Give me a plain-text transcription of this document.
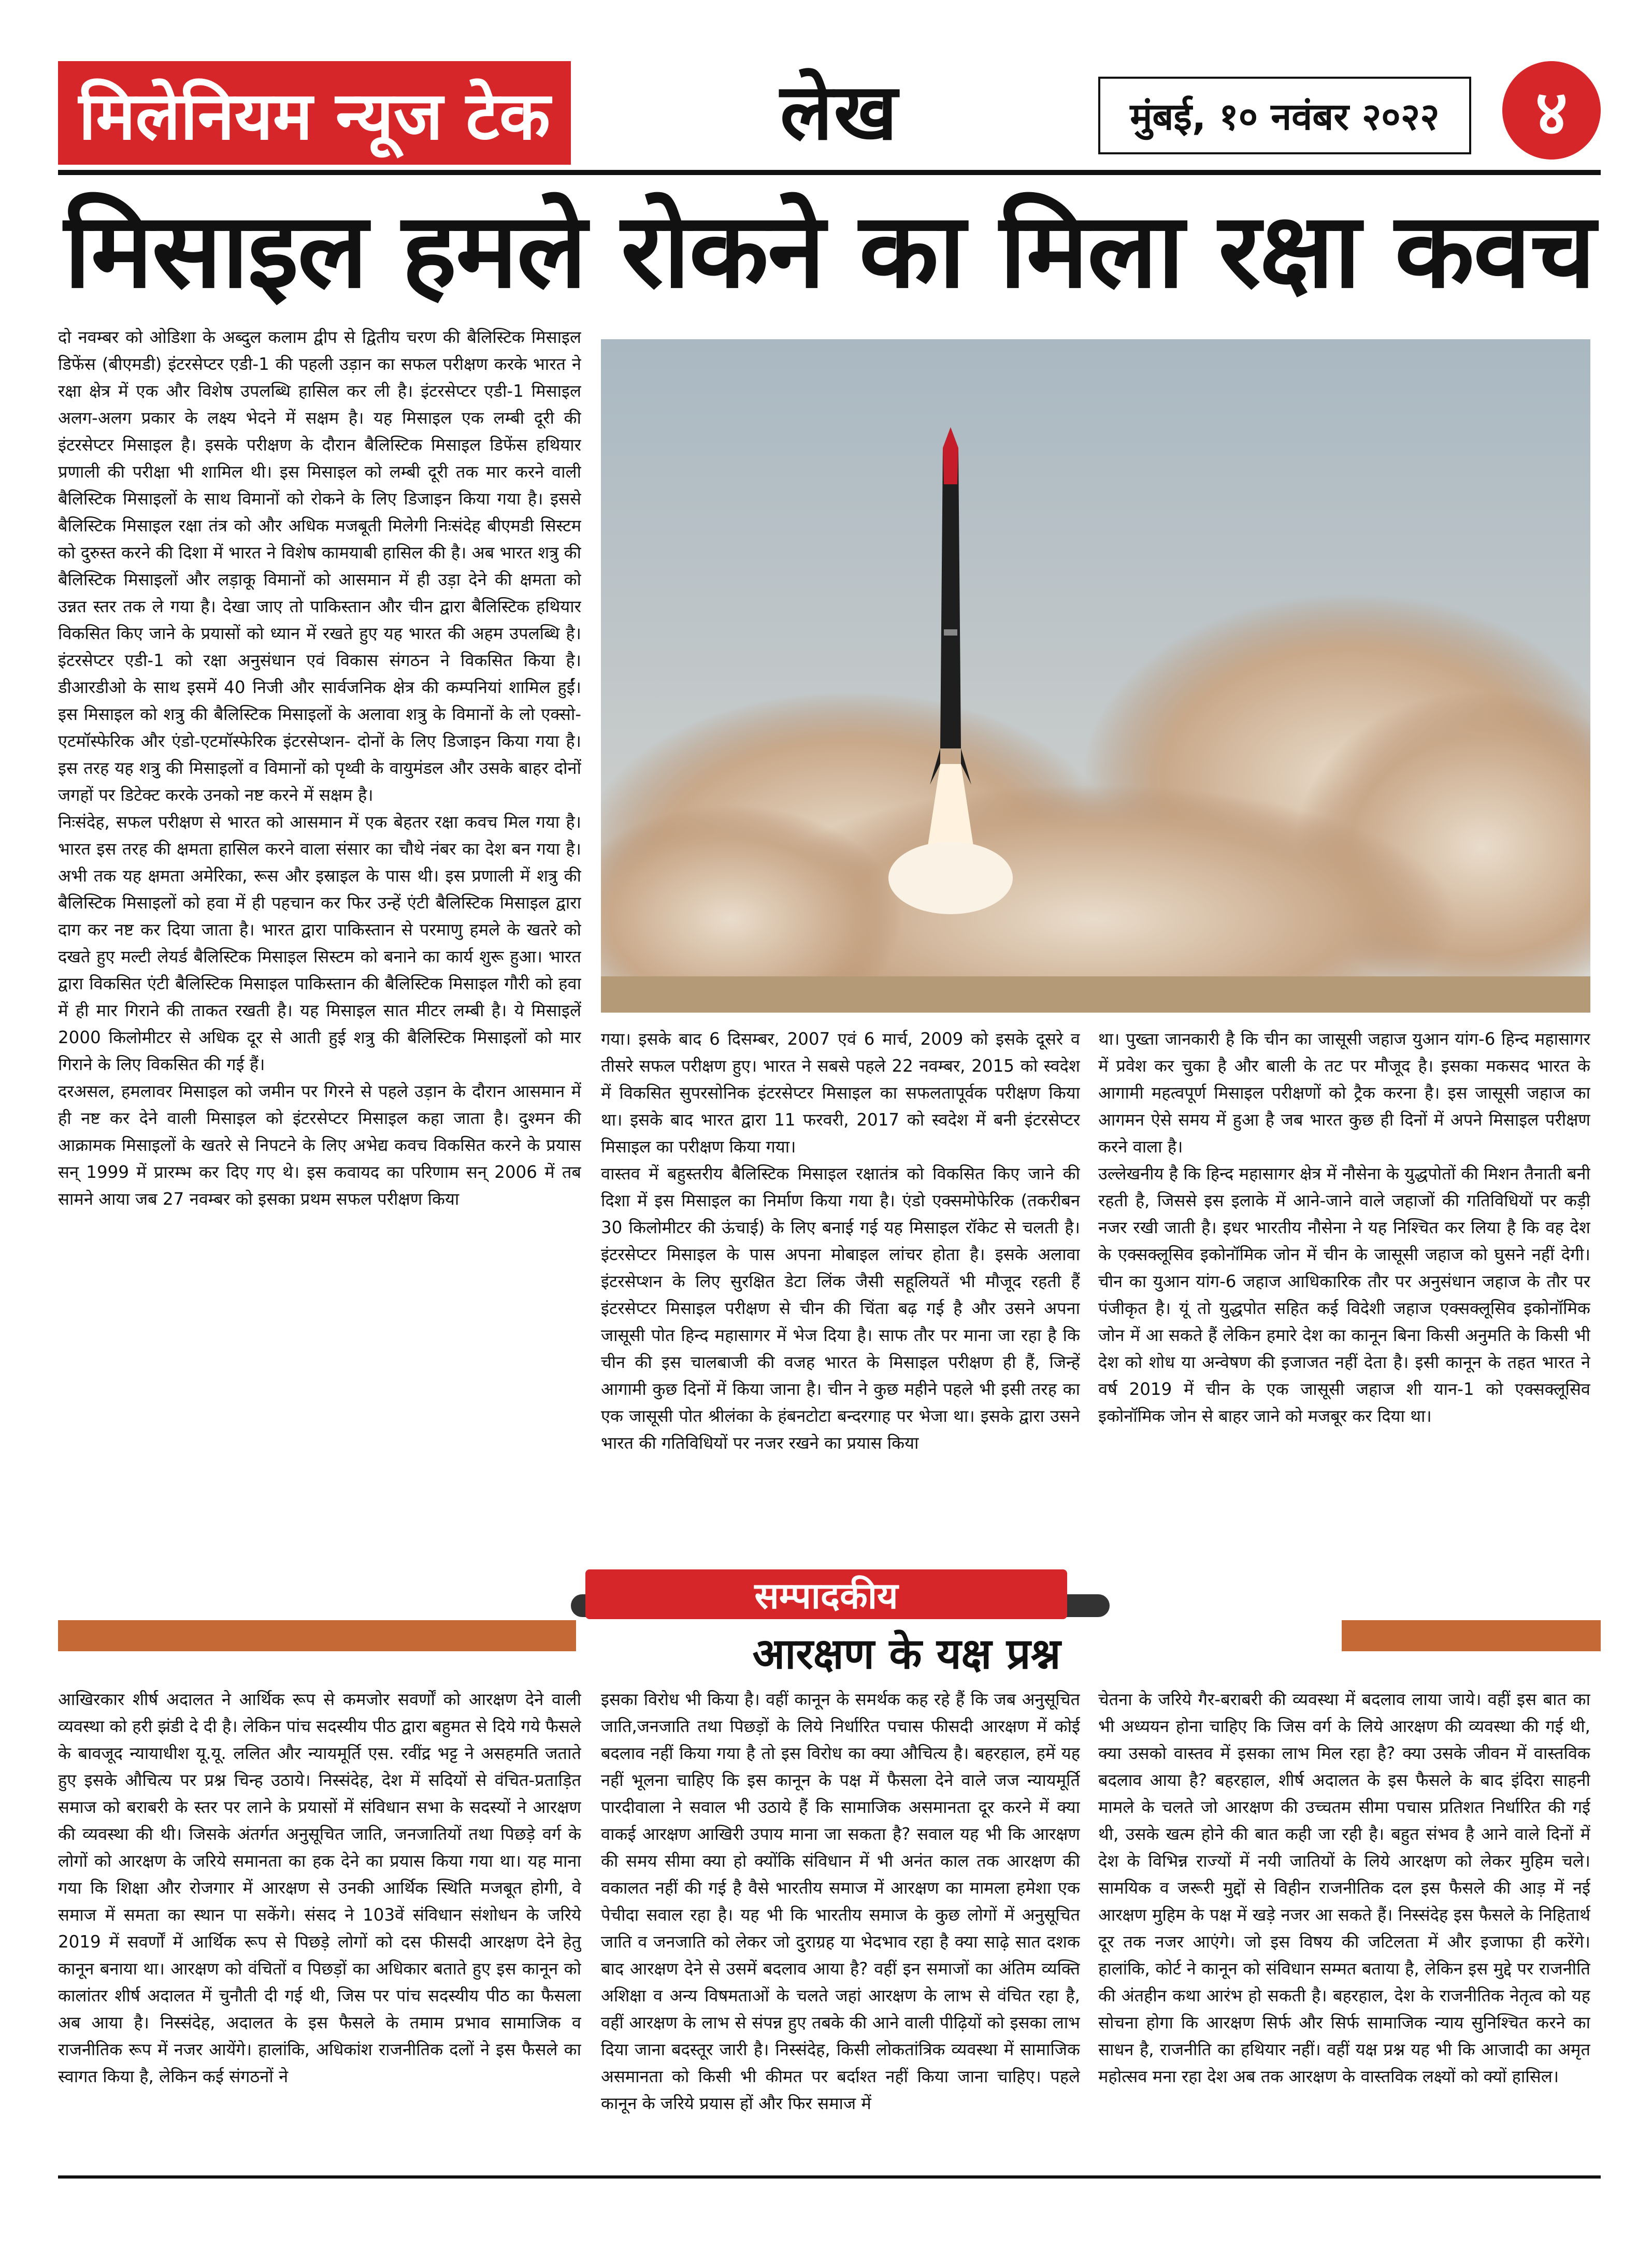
मिलेनियम न्यूज टेक	लेख	मुंबई, १० नवंबर २०२२	४
मिसाइल हमले रोकने का मिला रक्षा कवच

दो नवम्बर को ओडिशा के अब्दुल कलाम द्वीप से द्वितीय चरण की बैलिस्टिक मिसाइल डिफेंस (बीएमडी) इंटरसेप्टर एडी-1 की पहली उड़ान का सफल परीक्षण करके भारत ने रक्षा क्षेत्र में एक और विशेष उपलब्धि हासिल कर ली है। इंटरसेप्टर एडी-1 मिसाइल अलग-अलग प्रकार के लक्ष्य भेदने में सक्षम है। यह मिसाइल एक लम्बी दूरी की इंटरसेप्टर मिसाइल है। इसके परीक्षण के दौरान बैलिस्टिक मिसाइल डिफेंस हथियार प्रणाली की परीक्षा भी शामिल थी। इस मिसाइल को लम्बी दूरी तक मार करने वाली बैलिस्टिक मिसाइलों के साथ विमानों को रोकने के लिए डिजाइन किया गया है। इससे बैलिस्टिक मिसाइल रक्षा तंत्र को और अधिक मजबूती मिलेगी निःसंदेह बीएमडी सिस्टम को दुरुस्त करने की दिशा में भारत ने विशेष कामयाबी हासिल की है। अब भारत शत्रु की बैलिस्टिक मिसाइलों और लड़ाकू विमानों को आसमान में ही उड़ा देने की क्षमता को उन्नत स्तर तक ले गया है। देखा जाए तो पाकिस्तान और चीन द्वारा बैलिस्टिक हथियार विकसित किए जाने के प्रयासों को ध्यान में रखते हुए यह भारत की अहम उपलब्धि है। इंटरसेप्टर एडी-1 को रक्षा अनुसंधान एवं विकास संगठन ने विकसित किया है। डीआरडीओ के साथ इसमें 40 निजी और सार्वजनिक क्षेत्र की कम्पनियां शामिल हुईं। इस मिसाइल को शत्रु की बैलिस्टिक मिसाइलों के अलावा शत्रु के विमानों के लो एक्सो-एटमॉस्फेरिक और एंडो-एटमॉस्फेरिक इंटरसेप्शन- दोनों के लिए डिजाइन किया गया है। इस तरह यह शत्रु की मिसाइलों व विमानों को पृथ्वी के वायुमंडल और उसके बाहर दोनों जगहों पर डिटेक्ट करके उनको नष्ट करने में सक्षम है।

निःसंदेह, सफल परीक्षण से भारत को आसमान में एक बेहतर रक्षा कवच मिल गया है। भारत इस तरह की क्षमता हासिल करने वाला संसार का चौथे नंबर का देश बन गया है। अभी तक यह क्षमता अमेरिका, रूस और इस्राइल के पास थी। इस प्रणाली में शत्रु की बैलिस्टिक मिसाइलों को हवा में ही पहचान कर फिर उन्हें एंटी बैलिस्टिक मिसाइल द्वारा दाग कर नष्ट कर दिया जाता है। भारत द्वारा पाकिस्तान से परमाणु हमले के खतरे को दखते हुए मल्टी लेयर्ड बैलिस्टिक मिसाइल सिस्टम को बनाने का कार्य शुरू हुआ। भारत द्वारा विकसित एंटी बैलिस्टिक मिसाइल पाकिस्तान की बैलिस्टिक मिसाइल गौरी को हवा में ही मार गिराने की ताकत रखती है। यह मिसाइल सात मीटर लम्बी है। ये मिसाइलें 2000 किलोमीटर से अधिक दूर से आती हुई शत्रु की बैलिस्टिक मिसाइलों को मार गिराने के लिए विकसित की गई हैं।

दरअसल, हमलावर मिसाइल को जमीन पर गिरने से पहले उड़ान के दौरान आसमान में ही नष्ट कर देने वाली मिसाइल को इंटरसेप्टर मिसाइल कहा जाता है। दुश्मन की आक्रामक मिसाइलों के खतरे से निपटने के लिए अभेद्य कवच विकसित करने के प्रयास सन् 1999 में प्रारम्भ कर दिए गए थे। इस कवायद का परिणाम सन् 2006 में तब सामने आया जब 27 नवम्बर को इसका प्रथम सफल परीक्षण किया

गया। इसके बाद 6 दिसम्बर, 2007 एवं 6 मार्च, 2009 को इसके दूसरे व तीसरे सफल परीक्षण हुए। भारत ने सबसे पहले 22 नवम्बर, 2015 को स्वदेश में विकसित सुपरसोनिक इंटरसेप्टर मिसाइल का सफलतापूर्वक परीक्षण किया था। इसके बाद भारत द्वारा 11 फरवरी, 2017 को स्वदेश में बनी इंटरसेप्टर मिसाइल का परीक्षण किया गया।

वास्तव में बहुस्तरीय बैलिस्टिक मिसाइल रक्षातंत्र को विकसित किए जाने की दिशा में इस मिसाइल का निर्माण किया गया है। एंडो एक्समोफेरिक (तकरीबन 30 किलोमीटर की ऊंचाई) के लिए बनाई गई यह मिसाइल रॉकेट से चलती है। इंटरसेप्टर मिसाइल के पास अपना मोबाइल लांचर होता है। इसके अलावा इंटरसेप्शन के लिए सुरक्षित डेटा लिंक जैसी सहूलियतें भी मौजूद रहती हैं इंटरसेप्टर मिसाइल परीक्षण से चीन की चिंता बढ़ गई है और उसने अपना जासूसी पोत हिन्द महासागर में भेज दिया है। साफ तौर पर माना जा रहा है कि चीन की इस चालबाजी की वजह भारत के मिसाइल परीक्षण ही हैं, जिन्हें आगामी कुछ दिनों में किया जाना है। चीन ने कुछ महीने पहले भी इसी तरह का एक जासूसी पोत श्रीलंका के हंबनटोटा बन्दरगाह पर भेजा था। इसके द्वारा उसने भारत की गतिविधियों पर नजर रखने का प्रयास किया

था। पुख्ता जानकारी है कि चीन का जासूसी जहाज युआन यांग-6 हिन्द महासागर में प्रवेश कर चुका है और बाली के तट पर मौजूद है। इसका मकसद भारत के आगामी महत्वपूर्ण मिसाइल परीक्षणों को ट्रैक करना है। इस जासूसी जहाज का आगमन ऐसे समय में हुआ है जब भारत कुछ ही दिनों में अपने मिसाइल परीक्षण करने वाला है।

उल्लेखनीय है कि हिन्द महासागर क्षेत्र में नौसेना के युद्धपोतों की मिशन तैनाती बनी रहती है, जिससे इस इलाके में आने-जाने वाले जहाजों की गतिविधियों पर कड़ी नजर रखी जाती है। इधर भारतीय नौसेना ने यह निश्चित कर लिया है कि वह देश के एक्सक्लूसिव इकोनॉमिक जोन में चीन के जासूसी जहाज को घुसने नहीं देगी। चीन का युआन यांग-6 जहाज आधिकारिक तौर पर अनुसंधान जहाज के तौर पर पंजीकृत है। यूं तो युद्धपोत सहित कई विदेशी जहाज एक्सक्लूसिव इकोनॉमिक जोन में आ सकते हैं लेकिन हमारे देश का कानून बिना किसी अनुमति के किसी भी देश को शोध या अन्वेषण की इजाजत नहीं देता है। इसी कानून के तहत भारत ने वर्ष 2019 में चीन के एक जासूसी जहाज शी यान-1 को एक्सक्लूसिव इकोनॉमिक जोन से बाहर जाने को मजबूर कर दिया था।

सम्पादकीय
आरक्षण के यक्ष प्रश्न

आखिरकार शीर्ष अदालत ने आर्थिक रूप से कमजोर सवर्णों को आरक्षण देने वाली व्यवस्था को हरी झंडी दे दी है। लेकिन पांच सदस्यीय पीठ द्वारा बहुमत से दिये गये फैसले के बावजूद न्यायाधीश यू.यू. ललित और न्यायमूर्ति एस. रवींद्र भट्ट ने असहमति जताते हुए इसके औचित्य पर प्रश्न चिन्ह उठाये। निस्संदेह, देश में सदियों से वंचित-प्रताड़ित समाज को बराबरी के स्तर पर लाने के प्रयासों में संविधान सभा के सदस्यों ने आरक्षण की व्यवस्था की थी। जिसके अंतर्गत अनुसूचित जाति, जनजातियों तथा पिछड़े वर्ग के लोगों को आरक्षण के जरिये समानता का हक देने का प्रयास किया गया था। यह माना गया कि शिक्षा और रोजगार में आरक्षण से उनकी आर्थिक स्थिति मजबूत होगी, वे समाज में समता का स्थान पा सकेंगे। संसद ने 103वें संविधान संशोधन के जरिये 2019 में सवर्णों में आर्थिक रूप से पिछड़े लोगों को दस फीसदी आरक्षण देने हेतु कानून बनाया था। आरक्षण को वंचितों व पिछड़ों का अधिकार बताते हुए इस कानून को कालांतर शीर्ष अदालत में चुनौती दी गई थी, जिस पर पांच सदस्यीय पीठ का फैसला अब आया है। निस्संदेह, अदालत के इस फैसले के तमाम प्रभाव सामाजिक व राजनीतिक रूप में नजर आयेंगे। हालांकि, अधिकांश राजनीतिक दलों ने इस फैसले का स्वागत किया है, लेकिन कई संगठनों ने

इसका विरोध भी किया है। वहीं कानून के समर्थक कह रहे हैं कि जब अनुसूचित जाति,जनजाति तथा पिछड़ों के लिये निर्धारित पचास फीसदी आरक्षण में कोई बदलाव नहीं किया गया है तो इस विरोध का क्या औचित्य है। बहरहाल, हमें यह नहीं भूलना चाहिए कि इस कानून के पक्ष में फैसला देने वाले जज न्यायमूर्ति पारदीवाला ने सवाल भी उठाये हैं कि सामाजिक असमानता दूर करने में क्या वाकई आरक्षण आखिरी उपाय माना जा सकता है? सवाल यह भी कि आरक्षण की समय सीमा क्या हो क्योंकि संविधान में भी अनंत काल तक आरक्षण की वकालत नहीं की गई है वैसे भारतीय समाज में आरक्षण का मामला हमेशा एक पेचीदा सवाल रहा है। यह भी कि भारतीय समाज के कुछ लोगों में अनुसूचित जाति व जनजाति को लेकर जो दुराग्रह या भेदभाव रहा है क्या साढ़े सात दशक बाद आरक्षण देने से उसमें बदलाव आया है? वहीं इन समाजों का अंतिम व्यक्ति अशिक्षा व अन्य विषमताओं के चलते जहां आरक्षण के लाभ से वंचित रहा है, वहीं आरक्षण के लाभ से संपन्न हुए तबके की आने वाली पीढ़ियों को इसका लाभ दिया जाना बदस्तूर जारी है। निस्संदेह, किसी लोकतांत्रिक व्यवस्था में सामाजिक असमानता को किसी भी कीमत पर बर्दाश्त नहीं किया जाना चाहिए। पहले कानून के जरिये प्रयास हों और फिर समाज में

चेतना के जरिये गैर-बराबरी की व्यवस्था में बदलाव लाया जाये। वहीं इस बात का भी अध्ययन होना चाहिए कि जिस वर्ग के लिये आरक्षण की व्यवस्था की गई थी, क्या उसको वास्तव में इसका लाभ मिल रहा है? क्या उसके जीवन में वास्तविक बदलाव आया है? बहरहाल, शीर्ष अदालत के इस फैसले के बाद इंदिरा साहनी मामले के चलते जो आरक्षण की उच्चतम सीमा पचास प्रतिशत निर्धारित की गई थी, उसके खत्म होने की बात कही जा रही है। बहुत संभव है आने वाले दिनों में देश के विभिन्न राज्यों में नयी जातियों के लिये आरक्षण को लेकर मुहिम चले। सामयिक व जरूरी मुद्दों से विहीन राजनीतिक दल इस फैसले की आड़ में नई आरक्षण मुहिम के पक्ष में खड़े नजर आ सकते हैं। निस्संदेह इस फैसले के निहितार्थ दूर तक नजर आएंगे। जो इस विषय की जटिलता में और इजाफा ही करेंगे। हालांकि, कोर्ट ने कानून को संविधान सम्मत बताया है, लेकिन इस मुद्दे पर राजनीति की अंतहीन कथा आरंभ हो सकती है। बहरहाल, देश के राजनीतिक नेतृत्व को यह सोचना होगा कि आरक्षण सिर्फ और सिर्फ सामाजिक न्याय सुनिश्चित करने का साधन है, राजनीति का हथियार नहीं। वहीं यक्ष प्रश्न यह भी कि आजादी का अमृत महोत्सव मना रहा देश अब तक आरक्षण के वास्तविक लक्ष्यों को क्यों हासिल।
